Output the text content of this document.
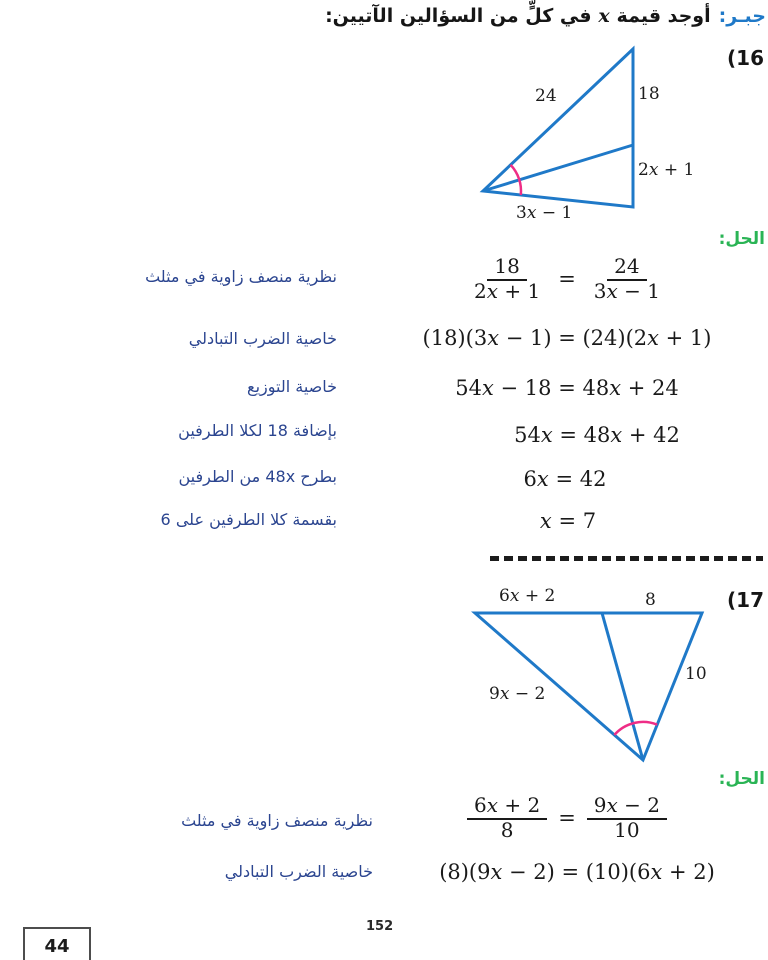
جبـر:أوجد قيمة x في كلٍّ من السؤالين الآتيين:
(16
24	18
2x + 1
3x − 1
الحل:
$\frac{18}{2x + 1} = \frac{24}{3x - 1}$
نظرية منصف زاوية في مثلث
(18)(3x − 1) = (24)(2x + 1)
خاصية الضرب التبادلي
54x − 18 = 48x + 24
خاصية التوزيع
54x = 48x + 42
بإضافة 18 لكلا الطرفين
6x = 42
بطرح 48x من الطرفين
x = 7
بقسمة كلا الطرفين على 6
(17
6x + 2	8
9x − 2
10
الحل:
$\frac{6x + 2}{8} = \frac{9x - 2}{10}$
نظرية منصف زاوية في مثلث
(8)(9x − 2) = (10)(6x + 2)
خاصية الضرب التبادلي
152
44
